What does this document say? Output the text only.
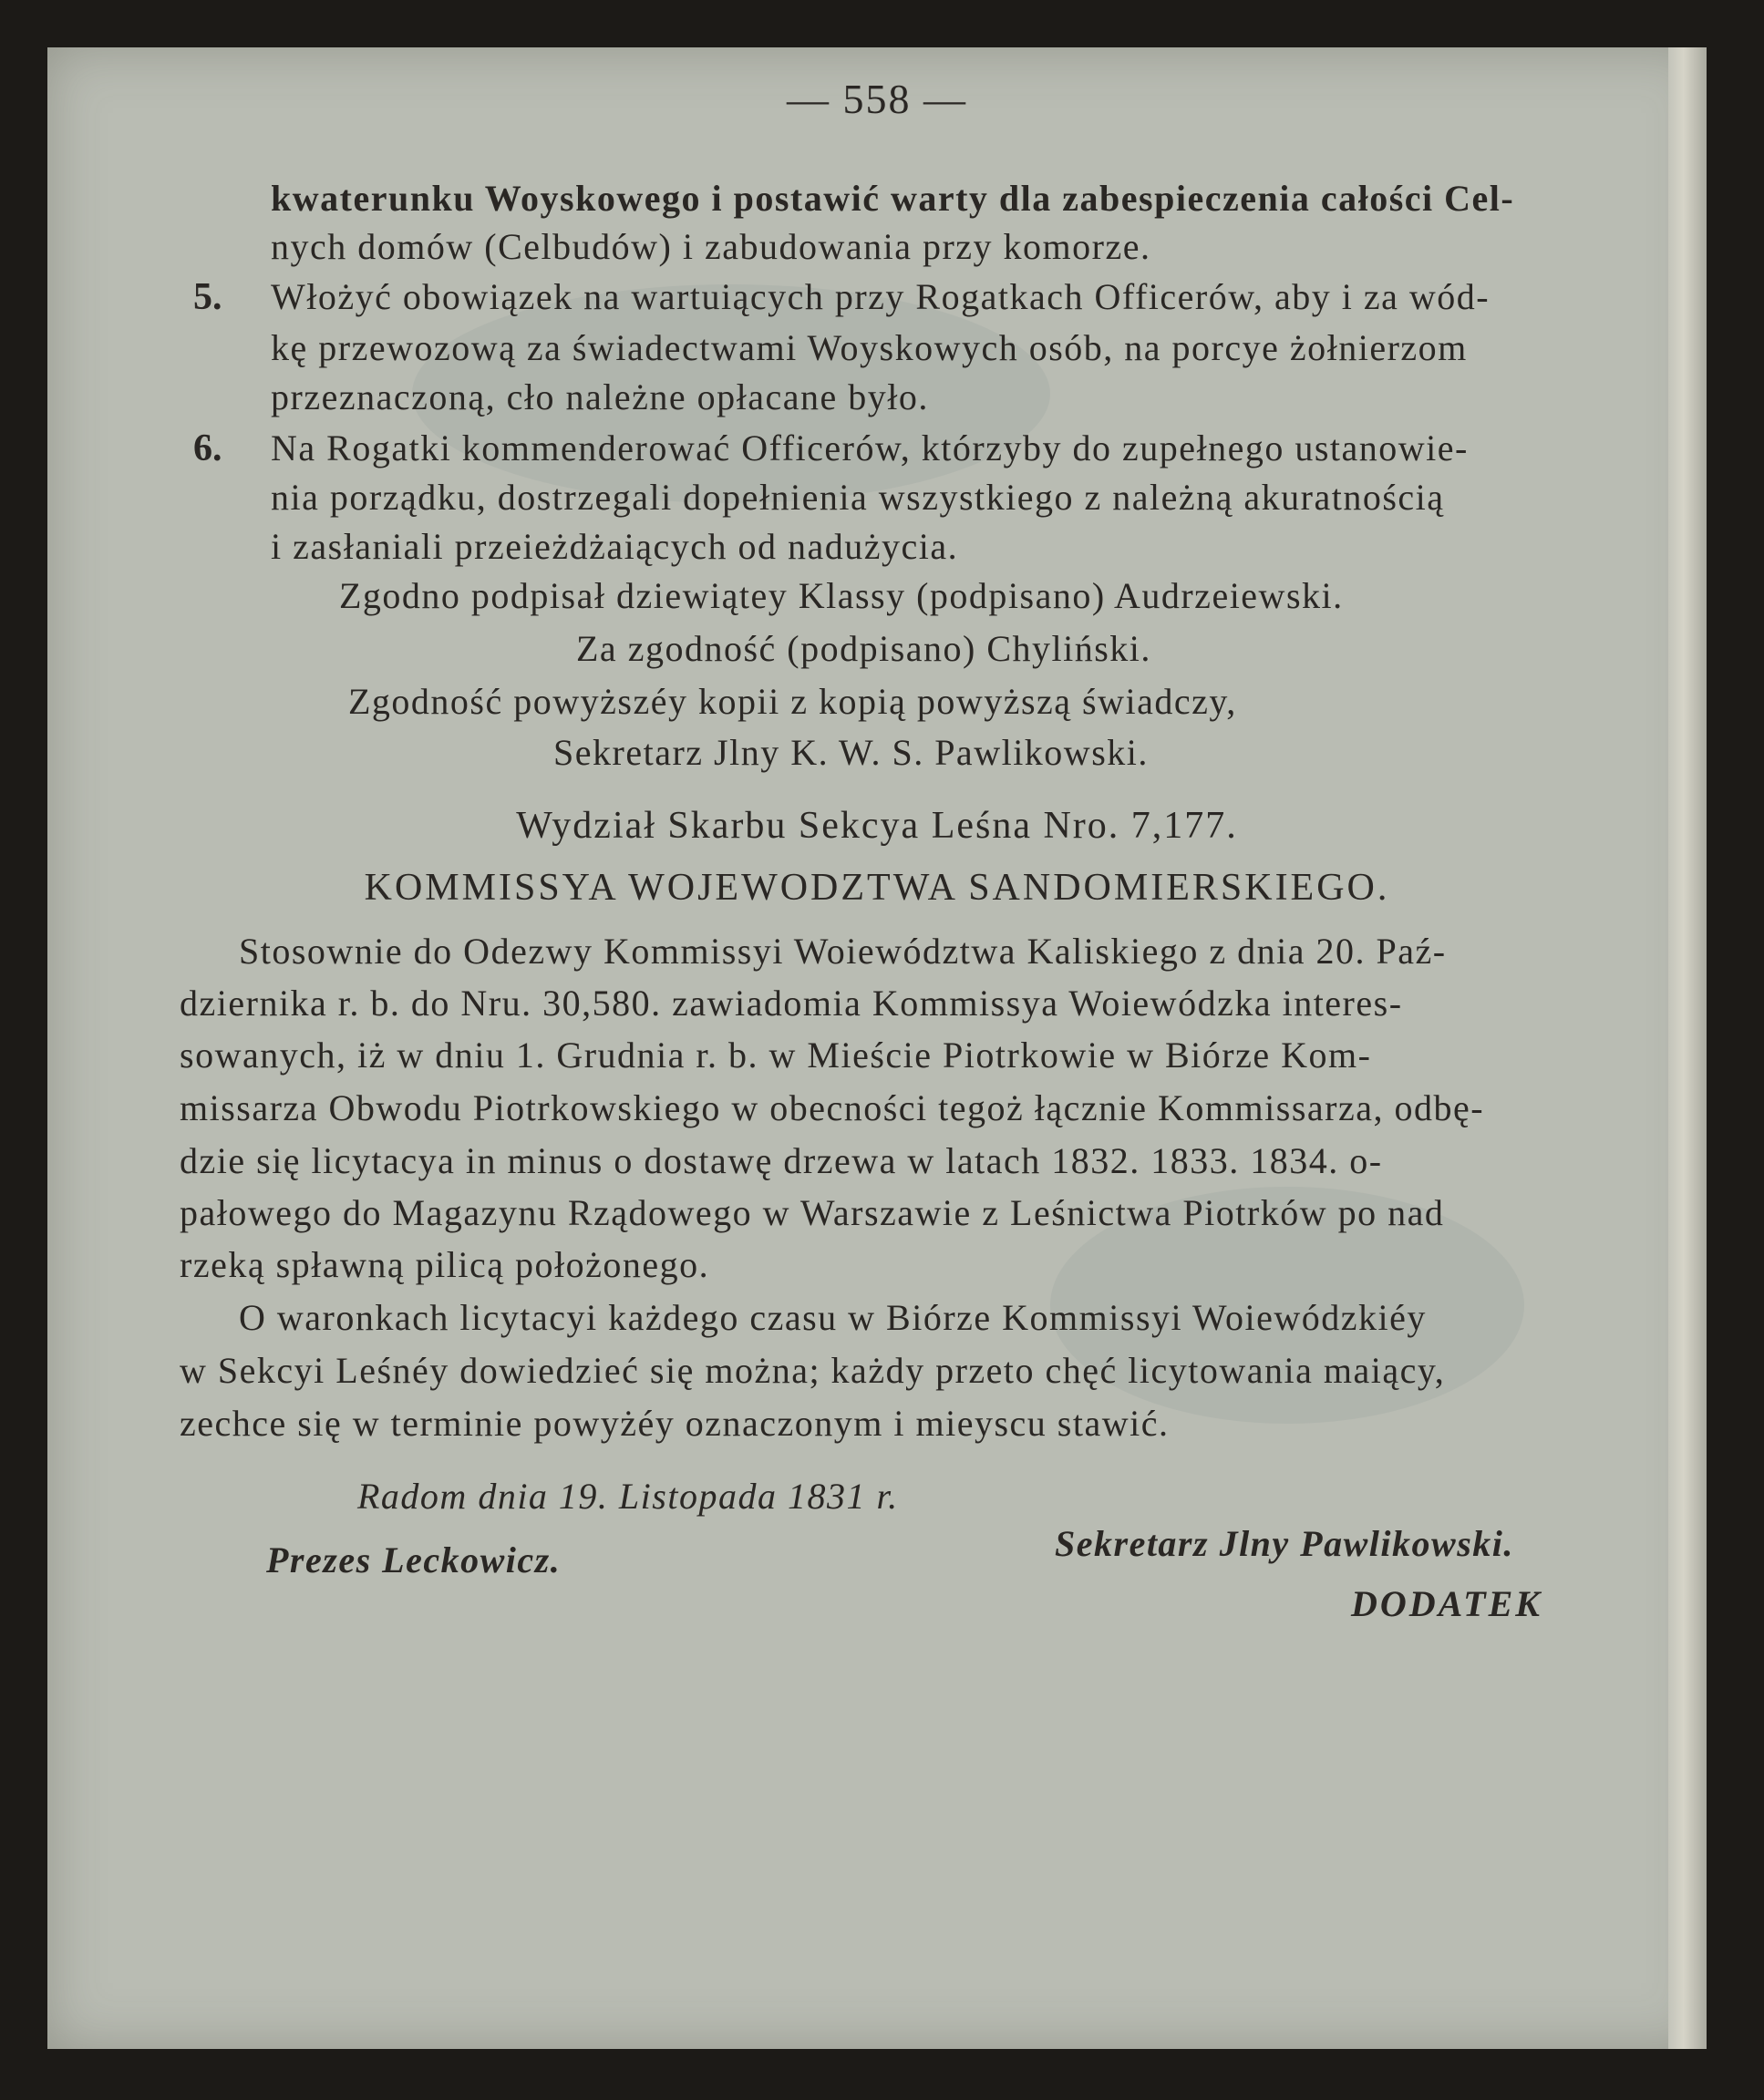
— 558 —
kwaterunku Woyskowego i postawić warty dla zabespieczenia całości Cel-
nych domów (Celbudów) i zabudowania przy komorze.
5. Włożyć obowiązek na wartuiących przy Rogatkach Officerów, aby i za wód-
kę przewozową za świadectwami Woyskowych osób, na porcye żołnierzom
przeznaczoną, cło należne opłacane było.
6. Na Rogatki kommenderować Officerów, którzyby do zupełnego ustanowie-
nia porządku, dostrzegali dopełnienia wszystkiego z należną akuratnością
i zasłaniali przeieżdżaiących od nadużycia.
Zgodno podpisał dziewiątey Klassy (podpisano) Audrzeiewski.
Za zgodność (podpisano) Chyliński.
Zgodność powyższéy kopii z kopią powyższą świadczy,
Sekretarz Jlny K. W. S. Pawlikowski.
Wydział Skarbu Sekcya Leśna Nro. 7,177.
KOMMISSYA WOJEWODZTWA SANDOMIERSKIEGO.
Stosownie do Odezwy Kommissyi Woiewództwa Kaliskiego z dnia 20. Paź-
dziernika r. b. do Nru. 30,580. zawiadomia Kommissya Woiewódzka interes-
sowanych, iż w dniu 1. Grudnia r. b. w Mieście Piotrkowie w Biórze Kom-
missarza Obwodu Piotrkowskiego w obecności tegoż łącznie Kommissarza, odbę-
dzie się licytacya in minus o dostawę drzewa w latach 1832. 1833. 1834. o-
pałowego do Magazynu Rządowego w Warszawie z Leśnictwa Piotrków po nad
rzeką spławną pilicą położonego.
O waronkach licytacyi każdego czasu w Biórze Kommissyi Woiewódzkiéy
w Sekcyi Leśnéy dowiedzieć się można; każdy przeto chęć licytowania maiący,
zechce się w terminie powyżéy oznaczonym i mieyscu stawić.
Radom dnia 19. Listopada 1831 r.
Prezes Leckowicz.	Sekretarz Jlny Pawlikowski.
DODATEK
